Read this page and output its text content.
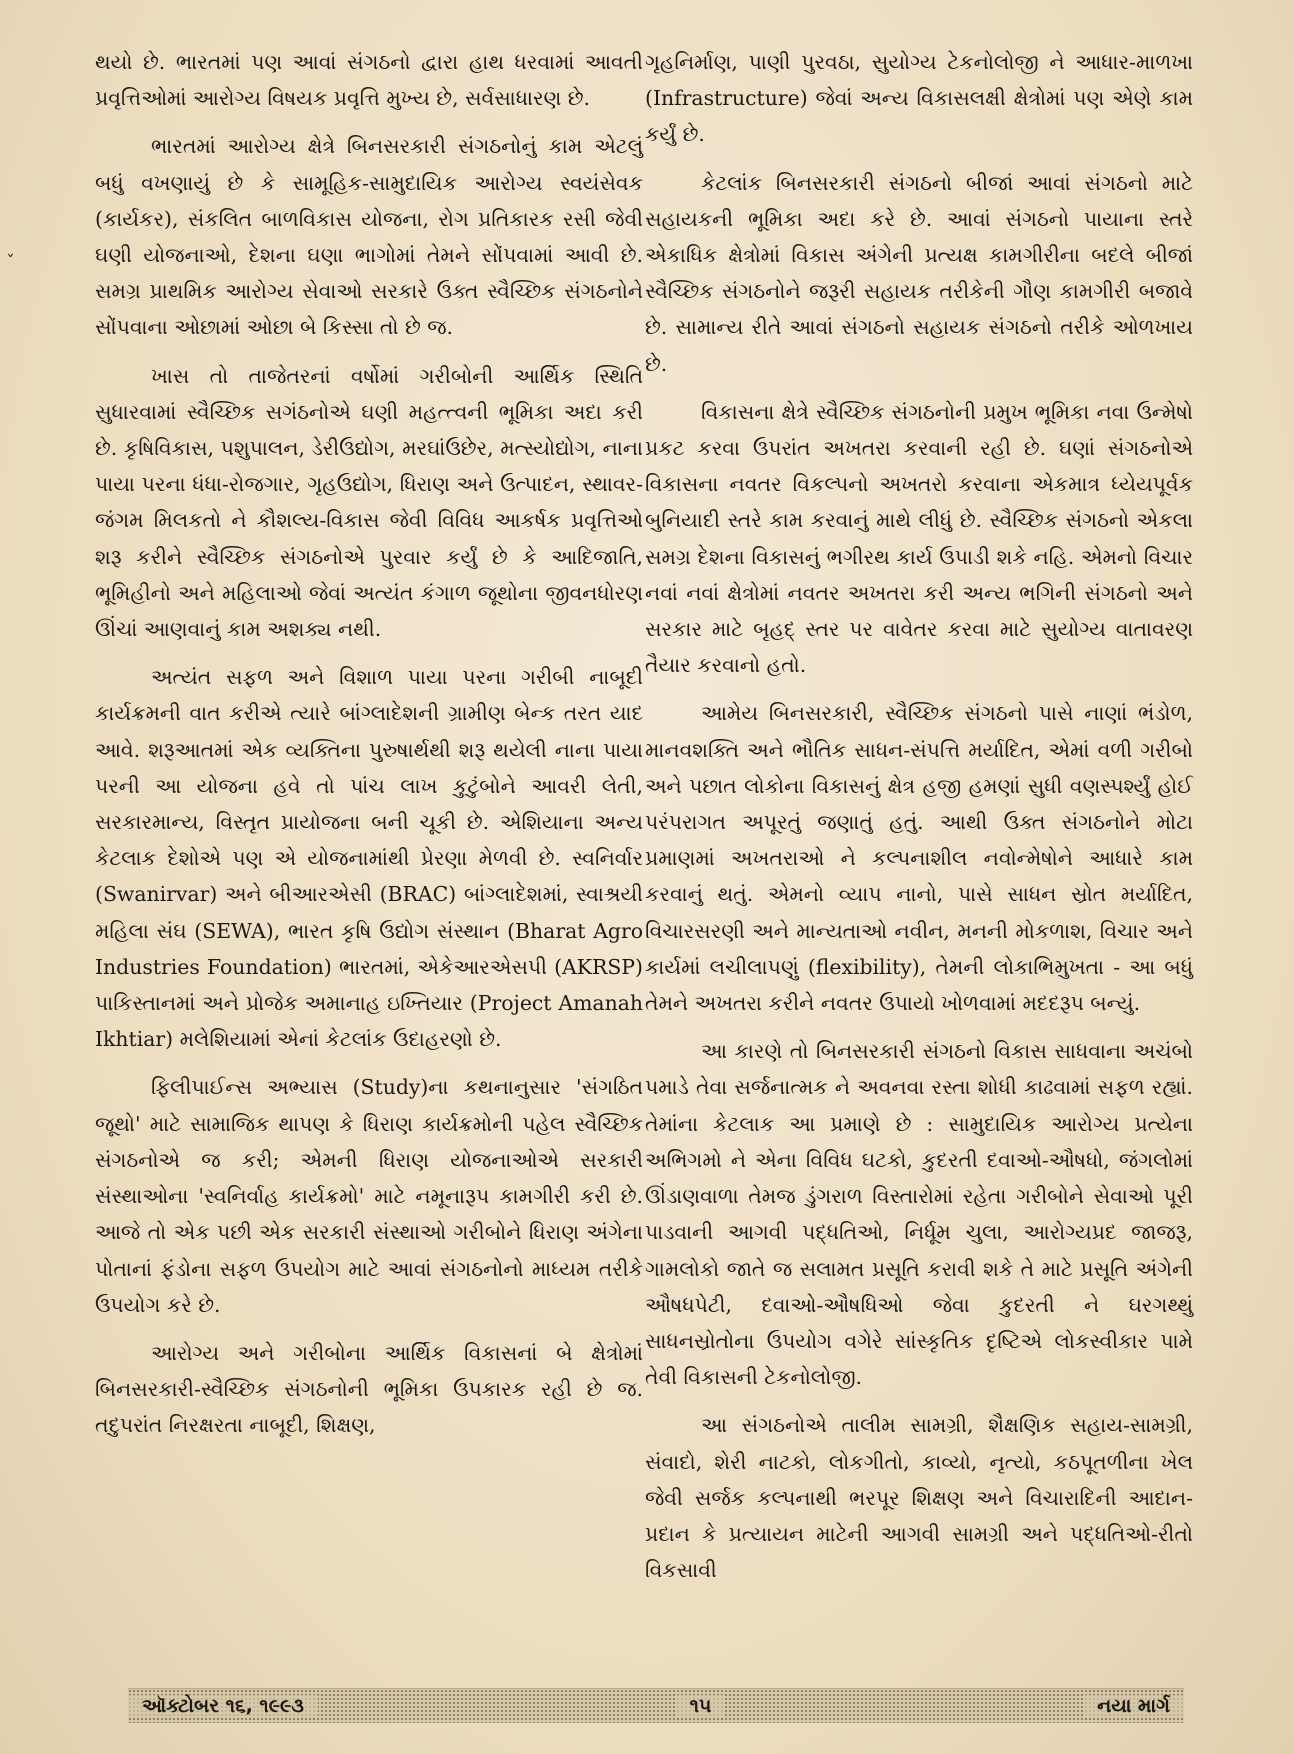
થયો છે. ભારતમાં પણ આવાં સંગઠનો દ્વારા હાથ ધરવામાં આવતી પ્રવૃત્તિઓમાં આરોગ્ય વિષયક પ્રવૃત્તિ મુખ્ય છે, સર્વસાધારણ છે.

ભારતમાં આરોગ્ય ક્ષેત્રે બિનસરકારી સંગઠનોનું કામ એટલું બધું વખણાયું છે કે સામૂહિક-સામુદાયિક આરોગ્ય સ્વયંસેવક (કાર્યકર), સંકલિત બાળવિકાસ યોજના, રોગ પ્રતિકારક રસી જેવી ઘણી યોજનાઓ, દેશના ઘણા ભાગોમાં તેમને સોંપવામાં આવી છે. સમગ્ર પ્રાથમિક આરોગ્ય સેવાઓ સરકારે ઉક્ત સ્વૈચ્છિક સંગઠનોને સોંપવાના ઓછામાં ઓછા બે કિસ્સા તો છે જ.

ખાસ તો તાજેતરનાં વર્ષોમાં ગરીબોની આર્થિક સ્થિતિ સુધારવામાં સ્વૈચ્છિક સગંઠનોએ ઘણી મહત્ત્વની ભૂમિકા અદા કરી છે. કૃષિવિકાસ, પશુપાલન, ડેરીઉદ્યોગ, મરઘાંઉછેર, મત્સ્યોદ્યોગ, નાના પાયા પરના ધંધા-રોજગાર, ગૃહઉદ્યોગ, ધિરાણ અને ઉત્પાદન, સ્થાવર-જંગમ મિલકતો ને કૌશલ્ય-વિકાસ જેવી વિવિધ આકર્ષક પ્રવૃત્તિઓ શરૂ કરીને સ્વૈચ્છિક સંગઠનોએ પુરવાર કર્યું છે કે આદિજાતિ, ભૂમિહીનો અને મહિલાઓ જેવાં અત્યંત કંગાળ જૂથોના જીવનધોરણ ઊંચાં આણવાનું કામ અશક્ય નથી.

અત્યંત સફળ અને વિશાળ પાયા પરના ગરીબી નાબૂદી કાર્યક્રમની વાત કરીએ ત્યારે બાંગ્લાદેશની ગ્રામીણ બેન્ક તરત યાદ આવે. શરૂઆતમાં એક વ્યક્તિના પુરુષાર્થથી શરૂ થયેલી નાના પાયા પરની આ યોજના હવે તો પાંચ લાખ કુટુંબોને આવરી લેતી, સરકારમાન્ય, વિસ્તૃત પ્રાયોજના બની ચૂકી છે. એશિયાના અન્ય કેટલાક દેશોએ પણ એ યોજનામાંથી પ્રેરણા મેળવી છે. સ્વનિર્વાર (Swanirvar) અને બીઆરએસી (BRAC) બાંગ્લાદેશમાં, સ્વાશ્રયી મહિલા સંઘ (SEWA), ભારત કૃષિ ઉદ્યોગ સંસ્થાન (Bharat Agro Industries Foundation) ભારતમાં, એકેઆરએસપી (AKRSP) પાકિસ્તાનમાં અને પ્રોજેક અમાનાહ ઇખ્તિયાર (Project Amanah Ikhtiar) મલેશિયામાં એનાં કેટલાંક ઉદાહરણો છે.

ફિલીપાઈન્સ અભ્યાસ (Study)ના કથનાનુસાર 'સંગઠિત જૂથો' માટે સામાજિક થાપણ કે ધિરાણ કાર્યક્રમોની પહેલ સ્વૈચ્છિક સંગઠનોએ જ કરી; એમની ધિરાણ યોજનાઓએ સરકારી સંસ્થાઓના 'સ્વનિર્વાહ કાર્યક્રમો' માટે નમૂનારૂપ કામગીરી કરી છે. આજે તો એક પછી એક સરકારી સંસ્થાઓ ગરીબોને ધિરાણ અંગેના પોતાનાં ફંડોના સફળ ઉપયોગ માટે આવાં સંગઠનોનો માધ્યમ તરીકે ઉપયોગ કરે છે.

આરોગ્ય અને ગરીબોના આર્થિક વિકાસનાં બે ક્ષેત્રોમાં બિનસરકારી-સ્વૈચ્છિક સંગઠનોની ભૂમિકા ઉપકારક રહી છે જ. તદુપરાંત નિરક્ષરતા નાબૂદી, શિક્ષણ,

ગૃહનિર્માણ, પાણી પુરવઠા, સુયોગ્ય ટેકનોલોજી ને આધાર-માળખા (Infrastructure) જેવાં અન્ય વિકાસલક્ષી ક્ષેત્રોમાં પણ એણે કામ કર્યું છે.

કેટલાંક બિનસરકારી સંગઠનો બીજાં આવાં સંગઠનો માટે સહાયકની ભૂમિકા અદા કરે છે. આવાં સંગઠનો પાયાના સ્તરે એકાધિક ક્ષેત્રોમાં વિકાસ અંગેની પ્રત્યક્ષ કામગીરીના બદલે બીજાં સ્વૈચ્છિક સંગઠનોને જરૂરી સહાયક તરીકેની ગૌણ કામગીરી બજાવે છે. સામાન્ય રીતે આવાં સંગઠનો સહાયક સંગઠનો તરીકે ઓળખાય છે.

વિકાસના ક્ષેત્રે સ્વૈચ્છિક સંગઠનોની પ્રમુખ ભૂમિકા નવા ઉન્મેષો પ્રકટ કરવા ઉપરાંત અખતરા કરવાની રહી છે. ઘણાં સંગઠનોએ વિકાસના નવતર વિકલ્પનો અખતરો કરવાના એકમાત્ર ધ્યેયપૂર્વક બુનિયાદી સ્તરે કામ કરવાનું માથે લીધું છે. સ્વૈચ્છિક સંગઠનો એકલા સમગ્ર દેશના વિકાસનું ભગીરથ કાર્ય ઉપાડી શકે નહિ. એમનો વિચાર નવાં નવાં ક્ષેત્રોમાં નવતર અખતરા કરી અન્ય ભગિની સંગઠનો અને સરકાર માટે બૃહદ્ સ્તર પર વાવેતર કરવા માટે સુયોગ્ય વાતાવરણ તૈયાર કરવાનો હતો.

આમેય બિનસરકારી, સ્વૈચ્છિક સંગઠનો પાસે નાણાં ભંડોળ, માનવશક્તિ અને ભૌતિક સાધન-સંપત્તિ મર્યાદિત, એમાં વળી ગરીબો અને પછાત લોકોના વિકાસનું ક્ષેત્ર હજી હમણાં સુધી વણસ્પર્શ્યું હોઈ પરંપરાગત અપૂરતું જણાતું હતું. આથી ઉક્ત સંગઠનોને મોટા પ્રમાણમાં અખતરાઓ ને કલ્પનાશીલ નવોન્મેષોને આધારે કામ કરવાનું થતું. એમનો વ્યાપ નાનો, પાસે સાધન સ્રોત મર્યાદિત, વિચારસરણી અને માન્યતાઓ નવીન, મનની મોકળાશ, વિચાર અને કાર્યમાં લચીલાપણું (flexibility), તેમની લોકાભિમુખતા - આ બધું તેમને અખતરા કરીને નવતર ઉપાયો ખોળવામાં મદદરૂપ બન્યું.

આ કારણે તો બિનસરકારી સંગઠનો વિકાસ સાધવાના અચંબો પમાડે તેવા સર્જનાત્મક ને અવનવા રસ્તા શોધી કાઢવામાં સફળ રહ્યાં. તેમાંના કેટલાક આ પ્રમાણે છે : સામુદાયિક આરોગ્ય પ્રત્યેના અભિગમો ને એના વિવિધ ઘટકો, કુદરતી દવાઓ-ઔષધો, જંગલોમાં ઊંડાણવાળા તેમજ ડુંગરાળ વિસ્તારોમાં રહેતા ગરીબોને સેવાઓ પૂરી પાડવાની આગવી પદ્ધતિઓ, નિર્ધૂમ ચુલા, આરોગ્યપ્રદ જાજરૂ, ગામલોકો જાતે જ સલામત પ્રસૂતિ કરાવી શકે તે માટે પ્રસૂતિ અંગેની ઔષધપેટી, દવાઓ-ઔષધિઓ જેવા કુદરતી ને ઘરગથ્થું સાધનસ્રોતોના ઉપયોગ વગેરે સાંસ્કૃતિક દૃષ્ટિએ લોકસ્વીકાર પામે તેવી વિકાસની ટેકનોલોજી.

આ સંગઠનોએ તાલીમ સામગ્રી, શૈક્ષણિક સહાય-સામગ્રી, સંવાદો, શેરી નાટકો, લોકગીતો, કાવ્યો, નૃત્યો, કઠપૂતળીના ખેલ જેવી સર્જક કલ્પનાથી ભરપૂર શિક્ષણ અને વિચારાદિની આદાન-પ્રદાન કે પ્રત્યાયન માટેની આગવી સામગ્રી અને પદ્ધતિઓ-રીતો વિકસાવી

ઑક્ટોબર ૧૬, ૧૯૯૩	૧૫	નયા માર્ગ
ˇ
